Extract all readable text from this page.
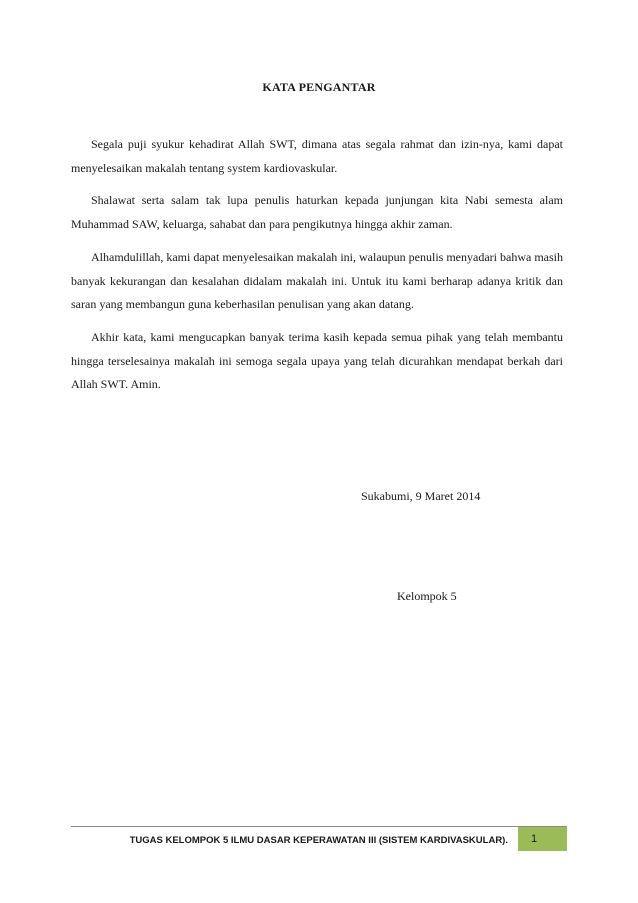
KATA PENGANTAR

Segala puji syukur kehadirat Allah SWT, dimana atas segala rahmat dan izin-nya, kami dapat menyelesaikan makalah tentang system kardiovaskular.

Shalawat serta salam tak lupa penulis haturkan kepada junjungan kita Nabi semesta alam Muhammad SAW, keluarga, sahabat dan para pengikutnya hingga akhir zaman.

Alhamdulillah, kami dapat menyelesaikan makalah ini, walaupun penulis menyadari bahwa masih banyak kekurangan dan kesalahan didalam makalah ini. Untuk itu kami berharap adanya kritik dan saran yang membangun guna keberhasilan penulisan yang akan datang.

Akhir kata, kami mengucapkan banyak terima kasih kepada semua pihak yang telah membantu hingga terselesainya makalah ini semoga segala upaya yang telah dicurahkan mendapat berkah dari Allah SWT. Amin.

Sukabumi, 9 Maret 2014
Kelompok 5
TUGAS KELOMPOK 5 ILMU DASAR KEPERAWATAN III (SISTEM KARDIVASKULAR).	1
